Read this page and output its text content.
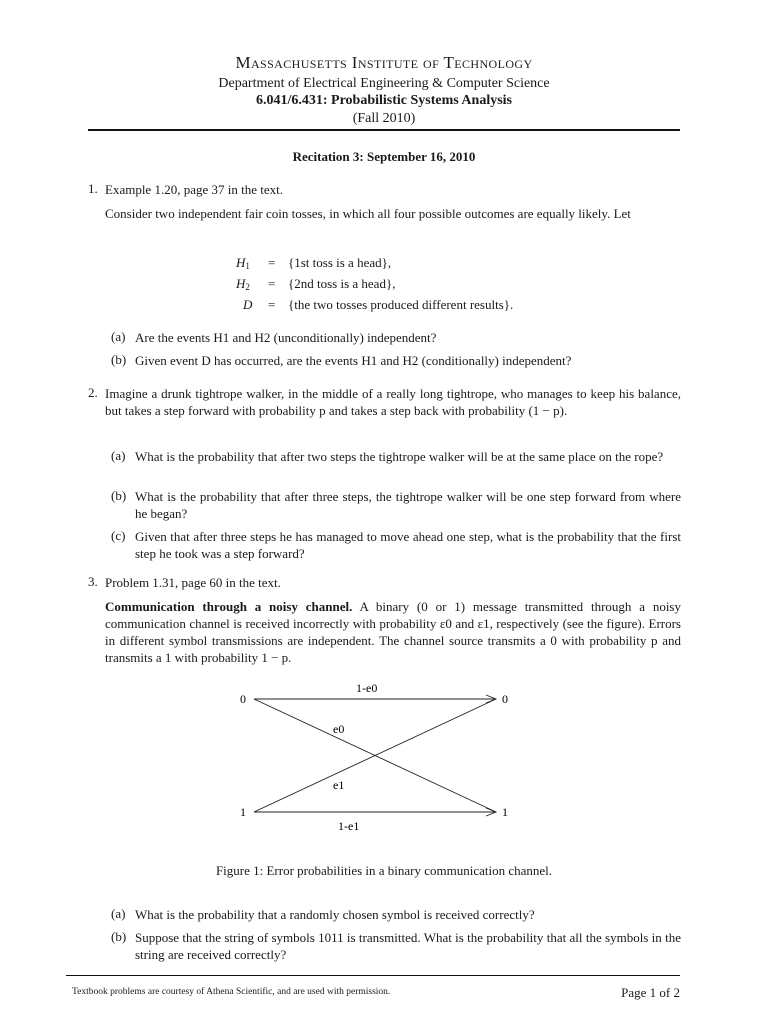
Massachusetts Institute of Technology
Department of Electrical Engineering & Computer Science
6.041/6.431: Probabilistic Systems Analysis
(Fall 2010)
Recitation 3: September 16, 2010
1. Example 1.20, page 37 in the text.
Consider two independent fair coin tosses, in which all four possible outcomes are equally likely. Let
$H_1 = \{1st$ toss is a head},
$H_2 = \{2nd$ toss is a head},
D = {the two tosses produced different results}.
(a) Are the events H1 and H2 (unconditionally) independent?
(b) Given event D has occurred, are the events H1 and H2 (conditionally) independent?
2. Imagine a drunk tightrope walker, in the middle of a really long tightrope, who manages to keep his balance, but takes a step forward with probability p and takes a step back with probability (1 − p).
(a) What is the probability that after two steps the tightrope walker will be at the same place on the rope?
(b) What is the probability that after three steps, the tightrope walker will be one step forward from where he began?
(c) Given that after three steps he has managed to move ahead one step, what is the probability that the first step he took was a step forward?
3. Problem 1.31, page 60 in the text.
Communication through a noisy channel. A binary (0 or 1) message transmitted through a noisy communication channel is received incorrectly with probability ε0 and ε1, respectively (see the figure). Errors in different symbol transmissions are independent. The channel source transmits a 0 with probability p and transmits a 1 with probability 1 − p.
0	0
1	1
1-e0
e0
e1
1-e1
Figure 1: Error probabilities in a binary communication channel.
(a) What is the probability that a randomly chosen symbol is received correctly?
(b) Suppose that the string of symbols 1011 is transmitted. What is the probability that all the symbols in the string are received correctly?
Textbook problems are courtesy of Athena Scientific, and are used with permission.	Page 1 of 2
